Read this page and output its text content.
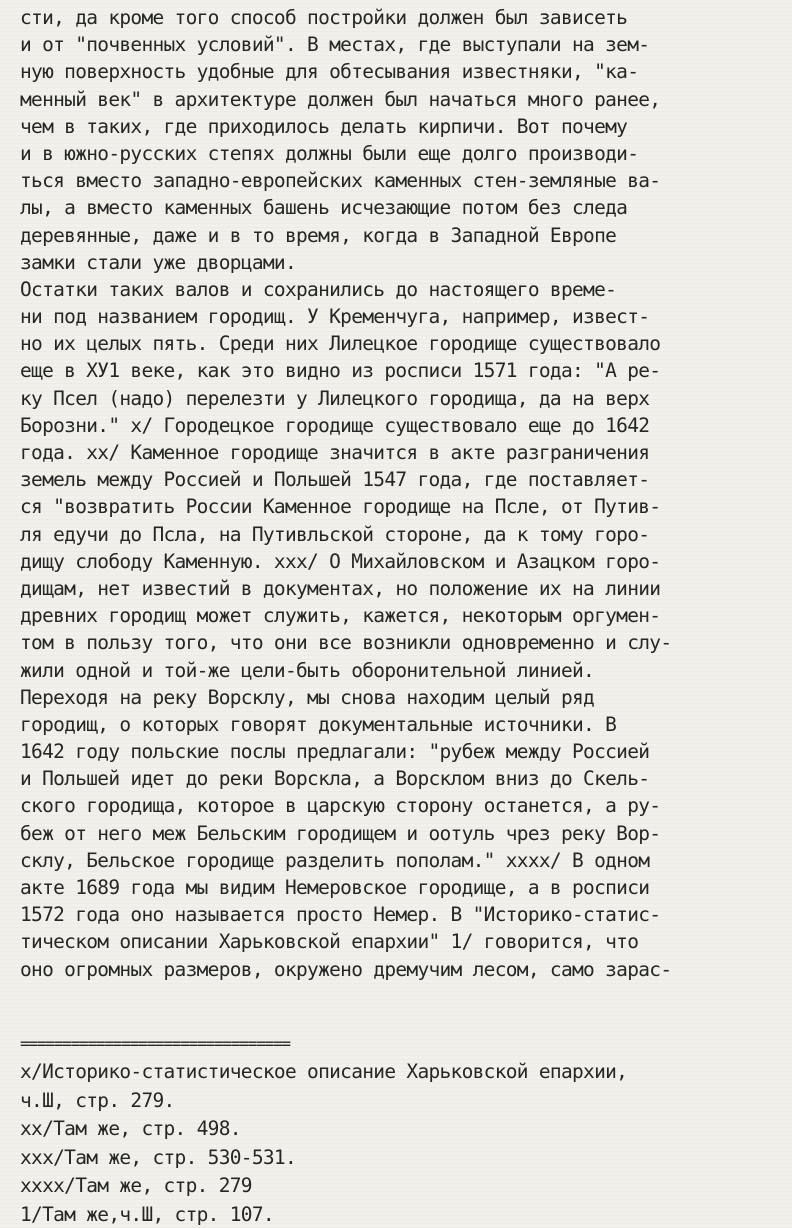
сти, да кроме того способ постройки должен был зависеть
и от "почвенных условий". В местах, где выступали на зем-
ную поверхность удобные для обтесывания известняки, "ка-
менный век" в архитектуре должен был начаться много ранее,
чем в таких, где приходилось делать кирпичи. Вот почему
и в южно-русских степях должны были еще долго производи-
ться вместо западно-европейских каменных стен-земляные ва-
лы, а вместо каменных башень исчезающие потом без следа
деревянные, даже и в то время, когда в Западной Европе
замки стали уже дворцами.
Остатки таких валов и сохранились до настоящего време-
ни под названием городищ. У Кременчуга, например, извест-
но их целых пять. Среди них Лилецкое городище существовало
еще в ХУ1 веке, как это видно из росписи 1571 года: "А ре-
ку Псел (надо) перелезти у Лилецкого городища, да на верх
Борозни." x/ Городецкое городище существовало еще до 1642
года. xx/ Каменное городище значится в акте разграничения
земель между Россией и Польшей 1547 года, где поставляет-
ся "возвратить России Каменное городище на Псле, от Путив-
ля едучи до Псла, на Путивльской стороне, да к тому горо-
дищу слободу Каменную. xxx/ О Михайловском и Азацком горо-
дищам, нет известий в документах, но положение их на линии
древних городищ может служить, кажется, некоторым оргумен-
том в пользу того, что они все возникли одновременно и слу-
жили одной и той-же цели-быть оборонительной линией.
Переходя на реку Ворсклу, мы снова находим целый ряд
городищ, о которых говорят документальные источники. В
1642 году польские послы предлагали: "рубеж между Россией
и Польшей идет до реки Ворскла, а Ворсклом вниз до Скель-
ского городища, которое в царскую сторону останется, а ру-
беж от него меж Бельским городищем и оотуль чрез реку Вор-
склу, Бельское городище разделить пополам." xxxx/ В одном
акте 1689 года мы видим Немеровское городище, а в росписи
1572 года оно называется просто Немер. В "Историко-статис-
тическом описании Харьковской епархии" 1/ говорится, что
оно огромных размеров, окружено дремучим лесом, само зарас-
================================
x/Историко-статистическое описание Харьковской епархии,
ч.Ш, стр. 279.
xx/Там же, стр. 498.
xxx/Там же, стр. 530-531.
xxxx/Там же, стр. 279
1/Там же,ч.Ш, стр. 107.
